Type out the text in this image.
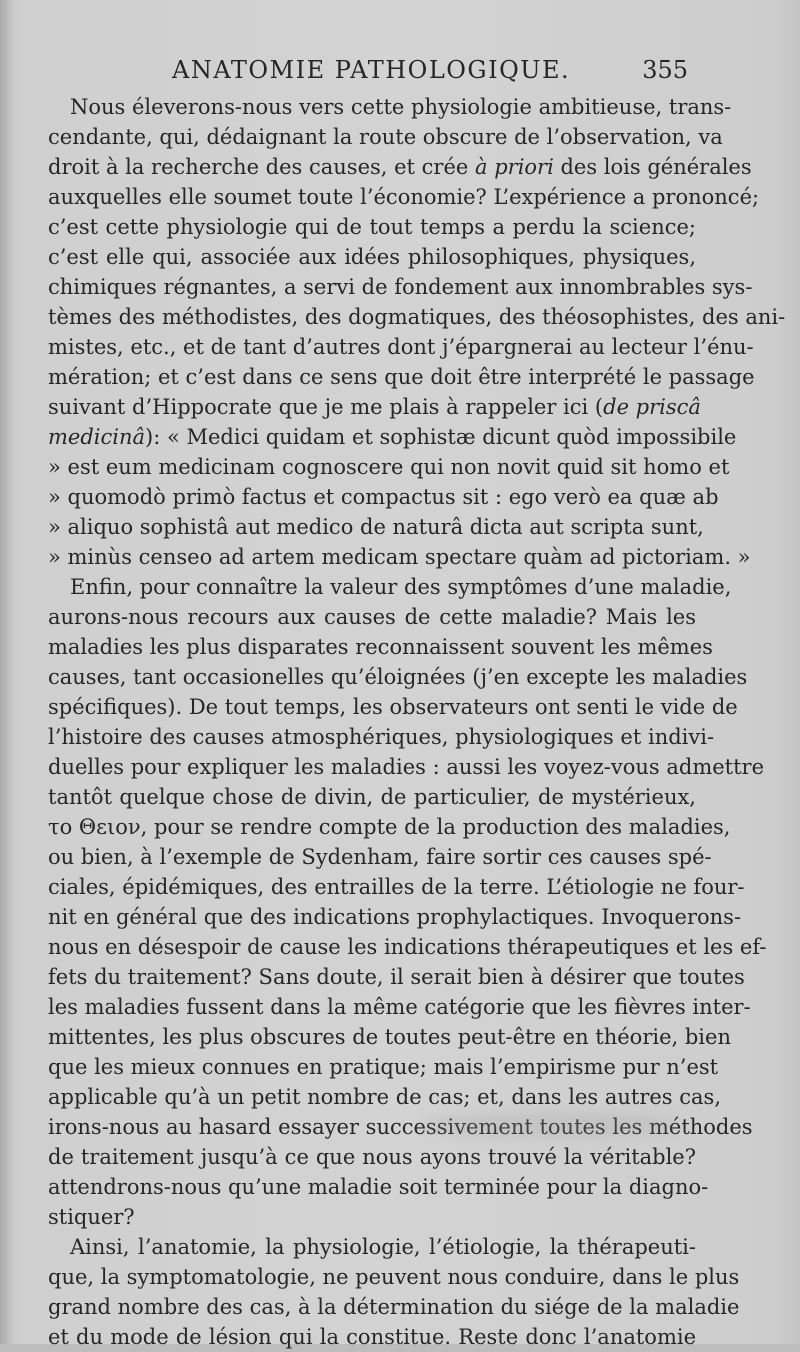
ANATOMIE PATHOLOGIQUE.	355
Nous éleverons-nous vers cette physiologie ambitieuse, trans-
cendante, qui, dédaignant la route obscure de l’observation, va
droit à la recherche des causes, et crée à priori des lois générales
auxquelles elle soumet toute l’économie? L’expérience a prononcé;
c’est cette physiologie qui de tout temps a perdu la science;
c’est elle qui, associée aux idées philosophiques, physiques,
chimiques régnantes, a servi de fondement aux innombrables sys-
tèmes des méthodistes, des dogmatiques, des théosophistes, des ani-
mistes, etc., et de tant d’autres dont j’épargnerai au lecteur l’énu-
mération; et c’est dans ce sens que doit être interprété le passage
suivant d’Hippocrate que je me plais à rappeler ici (de priscâ
medicinâ): « Medici quidam et sophistæ dicunt quòd impossibile
» est eum medicinam cognoscere qui non novit quid sit homo et
» quomodò primò factus et compactus sit : ego verò ea quæ ab
» aliquo sophistâ aut medico de naturâ dicta aut scripta sunt,
» minùs censeo ad artem medicam spectare quàm ad pictoriam. »
Enfin, pour connaître la valeur des symptômes d’une maladie,
aurons-nous recours aux causes de cette maladie? Mais les
maladies les plus disparates reconnaissent souvent les mêmes
causes, tant occasionelles qu’éloignées (j’en excepte les maladies
spécifiques). De tout temps, les observateurs ont senti le vide de
l’histoire des causes atmosphériques, physiologiques et indivi-
duelles pour expliquer les maladies : aussi les voyez-vous admettre
tantôt quelque chose de divin, de particulier, de mystérieux,
το Θειον, pour se rendre compte de la production des maladies,
ou bien, à l’exemple de Sydenham, faire sortir ces causes spé-
ciales, épidémiques, des entrailles de la terre. L’étiologie ne four-
nit en général que des indications prophylactiques. Invoquerons-
nous en désespoir de cause les indications thérapeutiques et les ef-
fets du traitement? Sans doute, il serait bien à désirer que toutes
les maladies fussent dans la même catégorie que les fièvres inter-
mittentes, les plus obscures de toutes peut-être en théorie, bien
que les mieux connues en pratique; mais l’empirisme pur n’est
applicable qu’à un petit nombre de cas; et, dans les autres cas,
irons-nous au hasard essayer successivement toutes les méthodes
de traitement jusqu’à ce que nous ayons trouvé la véritable?
attendrons-nous qu’une maladie soit terminée pour la diagno-
stiquer?
Ainsi, l’anatomie, la physiologie, l’étiologie, la thérapeuti-
que, la symptomatologie, ne peuvent nous conduire, dans le plus
grand nombre des cas, à la détermination du siége de la maladie
et du mode de lésion qui la constitue. Reste donc l’anatomie
